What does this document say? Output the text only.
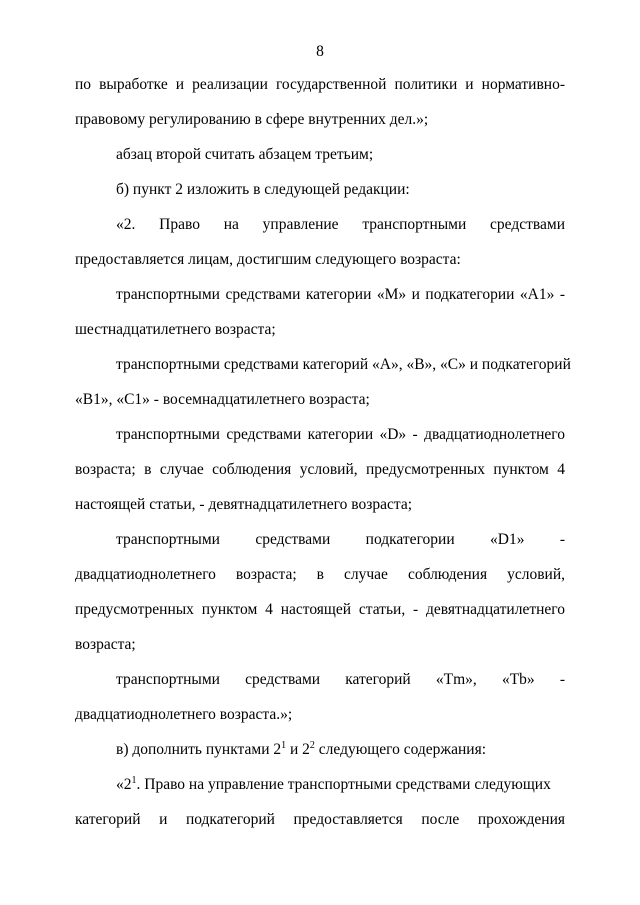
8
по выработке и реализации государственной политики и нормативно-
правовому регулированию в сфере внутренних дел.»;
абзац второй считать абзацем третьим;
б) пункт 2 изложить в следующей редакции:
«2. Право на управление транспортными средствами
предоставляется лицам, достигшим следующего возраста:
транспортными средствами категории «M» и подкатегории «A1» -
шестнадцатилетнего возраста;
транспортными средствами категорий «A», «B», «C» и подкатегорий
«B1», «C1» - восемнадцатилетнего возраста;
транспортными средствами категории «D» - двадцатиоднолетнего
возраста; в случае соблюдения условий, предусмотренных пунктом 4
настоящей статьи, - девятнадцатилетнего возраста;
транспортными средствами подкатегории «D1» -
двадцатиоднолетнего возраста; в случае соблюдения условий,
предусмотренных пунктом 4 настоящей статьи, - девятнадцатилетнего
возраста;
транспортными средствами категорий «Tm», «Tb» -
двадцатиоднолетнего возраста.»;
в) дополнить пунктами $2^1$ и $2^2$ следующего содержания:
«$2^1$. Право на управление транспортными средствами следующих
категорий и подкатегорий предоставляется после прохождения
